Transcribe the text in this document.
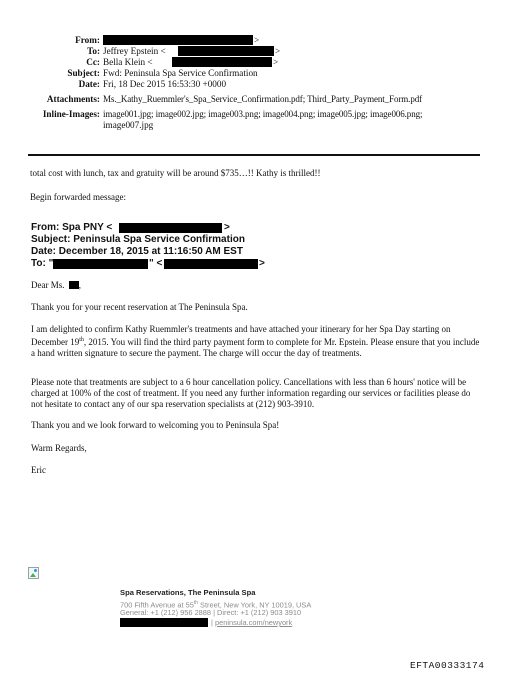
From:	>
To: Jeffrey Epstein <	>
Cc: Bella Klein <	>
Subject: Fwd: Peninsula Spa Service Confirmation
Date: Fri, 18 Dec 2015 16:53:30 +0000
Attachments: Ms._Kathy_Ruemmler's_Spa_Service_Confirmation.pdf; Third_Party_Payment_Form.pdf
Inline-Images: image001.jpg; image002.jpg; image003.png; image004.png; image005.jpg; image006.png;
image007.jpg
total cost with lunch, tax and gratuity will be around $735…!! Kathy is thrilled!!
Begin forwarded message:
From: Spa PNY <	>
Subject: Peninsula Spa Service Confirmation
Date: December 18, 2015 at 11:16:50 AM EST
To: "	" <	>
Dear Ms. ,
Thank you for your recent reservation at The Peninsula Spa.
I am delighted to confirm Kathy Ruemmler's treatments and have attached your itinerary for her Spa Day starting on December 19th, 2015. You will find the third party payment form to complete for Mr. Epstein. Please ensure that you include a hand written signature to secure the payment. The charge will occur the day of treatments.
Please note that treatments are subject to a 6 hour cancellation policy. Cancellations with less than 6 hours' notice will be charged at 100% of the cost of treatment. If you need any further information regarding our services or facilities please do not hesitate to contact any of our spa reservation specialists at (212) 903-3910.
Thank you and we look forward to welcoming you to Peninsula Spa!
Warm Regards,
Eric
Spa Reservations, The Peninsula Spa
700 Fifth Avenue at 55th Street, New York, NY 10019, USA
General: +1 (212) 956 2888 | Direct: +1 (212) 903 3910
| peninsula.com/newyork
EFTA00333174
